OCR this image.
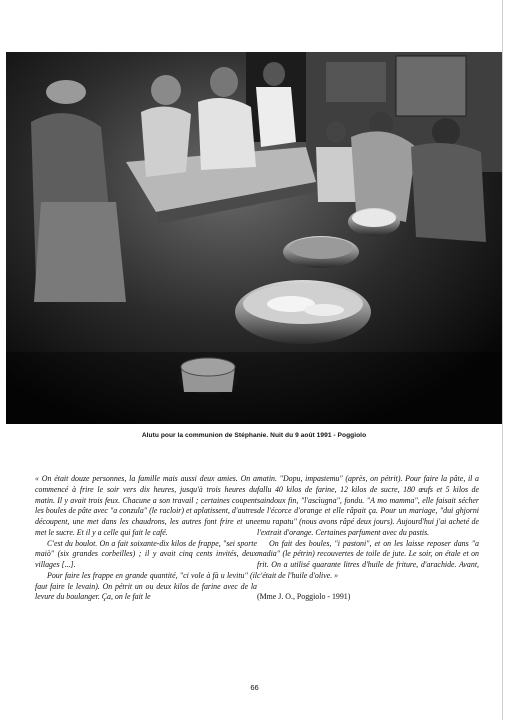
Alutu pour la communion de Stéphanie. Nuit du 9 août 1991 - Poggiolo

« On était douze personnes, la famille mais aussi deux amies. On a commencé à frire le soir vers dix heures, jusqu'à trois heures du matin. Il y avait trois feux. Chacune a son travail ; certaines coupent les boules de pâte avec "a conzula" (le racloir) et aplatissent, d'autres découpent, une met dans les chaudrons, les autres font frire et une met le sucre. Et il y a celle qui fait le café.

C'est du boulot. On a fait soixante-dix kilos de frappe, "sei sporte maiò" (six grandes corbeilles) ; il y avait cinq cents invités, deux villages [...].

Pour faire les frappe en grande quantité, "ci vole à fà u levitu" (il faut faire le levain). On pétrit un ou deux kilos de farine avec de la levure du boulanger. Ça, on le fait le

matin. "Dopu, impastemu" (après, on pétrit). Pour faire la pâte, il a fallu 40 kilos de farine, 12 kilos de sucre, 180 œufs et 5 kilos de saindoux fin, "l'ascìugna", fondu. "A mo mamma", elle faisait sécher de l'écorce d'orange et elle râpait ça. Pour un mariage, "dui ghjorni emu rapatu" (nous avons râpé deux jours). Aujourd'hui j'ai acheté de l'extrait d'orange. Certaines parfument avec du pastis.

On fait des boules, "i pastoni", et on les laisse reposer dans "a madia" (le pétrin) recouvertes de toile de jute. Le soir, on étale et on frit. On a utilisé quarante litres d'huile de friture, d'arachide. Avant, c'était de l'huile d'olive. »

(Mme J. O., Poggiolo - 1991)

66
